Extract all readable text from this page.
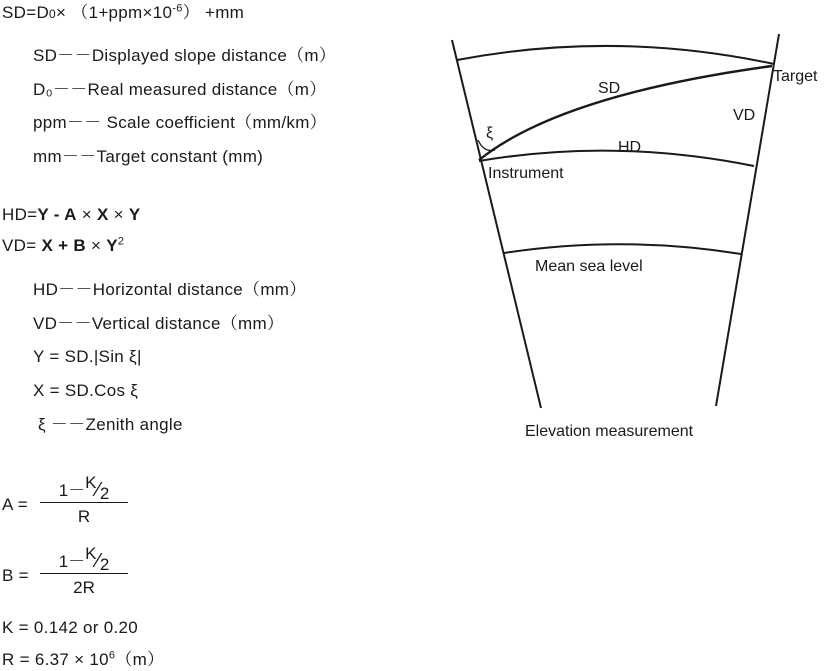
$SD=D0\times (1+ppm\times 10^{-6}) +mm$
SD－－Displayed slope distance（m）
D₀－－Real measured distance（m）
ppm－－ Scale coefficient（mm/km）
mm－－Target constant (mm)
HD=Y - A × X × Y
$VD= X + B \times Y^2$
HD－－Horizontal distance（mm）
VD－－Vertical distance（mm）
Y = SD.|Sin ξ|
X = SD.Cos ξ
ξ －－Zenith angle
A =
1－K⁄2
R
B =
1－K⁄2
2R
K = 0.142 or 0.20
$R = 6.37 \times 10^6(m)$
SD
Target
VD
ξ
HD
Instrument
Mean sea level
Elevation measurement
